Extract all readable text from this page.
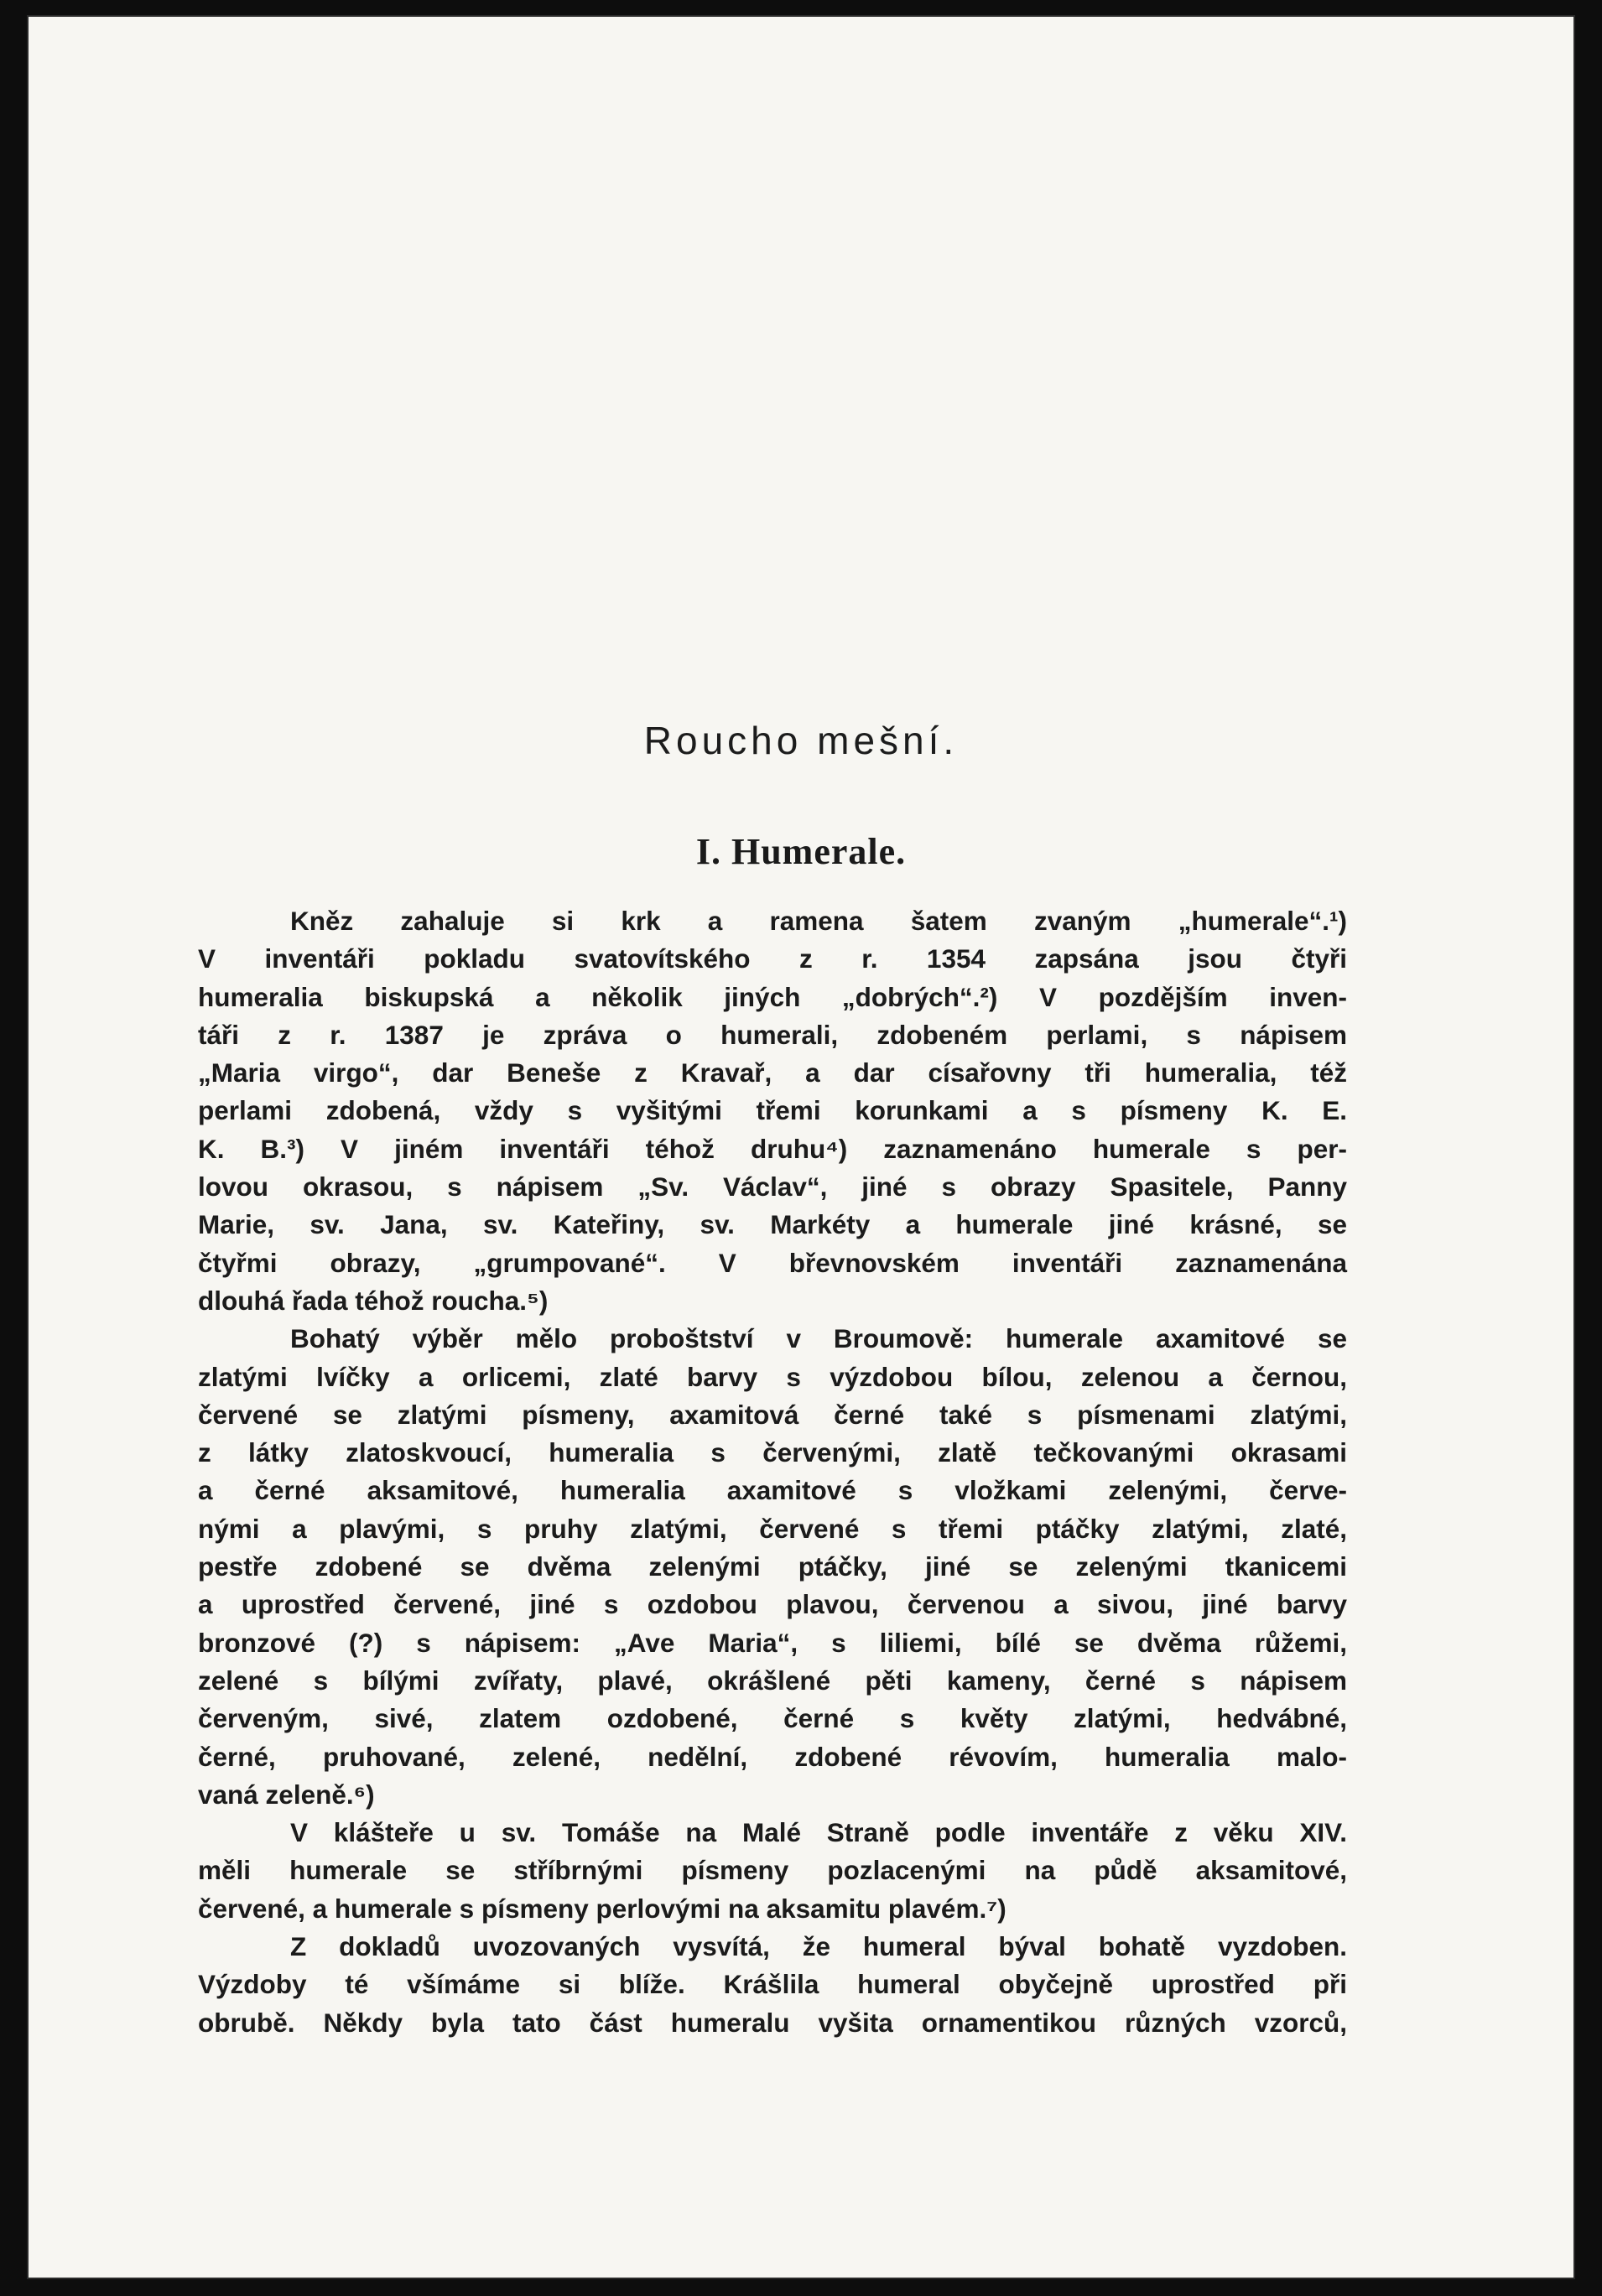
Roucho mešní.
I. Humerale.
Kněz zahaluje si krk a ramena šatem zvaným „humerale“.¹)
V inventáři pokladu svatovítského z r. 1354 zapsána jsou čtyři
humeralia biskupská a několik jiných „dobrých“.²) V pozdějším inven-
táři z r. 1387 je zpráva o humerali, zdobeném perlami, s nápisem
„Maria virgo“, dar Beneše z Kravař, a dar císařovny tři humeralia, též
perlami zdobená, vždy s vyšitými třemi korunkami a s písmeny K. E.
K. B.³) V jiném inventáři téhož druhu⁴) zaznamenáno humerale s per-
lovou okrasou, s nápisem „Sv. Václav“, jiné s obrazy Spasitele, Panny
Marie, sv. Jana, sv. Kateřiny, sv. Markéty a humerale jiné krásné, se
čtyřmi obrazy, „grumpované“. V břevnovském inventáři zaznamenána
dlouhá řada téhož roucha.⁵)
Bohatý výběr mělo proboštství v Broumově: humerale axamitové se
zlatými lvíčky a orlicemi, zlaté barvy s výzdobou bílou, zelenou a černou,
červené se zlatými písmeny, axamitová černé také s písmenami zlatými,
z látky zlatoskvoucí, humeralia s červenými, zlatě tečkovanými okrasami
a černé aksamitové, humeralia axamitové s vložkami zelenými, červe-
nými a plavými, s pruhy zlatými, červené s třemi ptáčky zlatými, zlaté,
pestře zdobené se dvěma zelenými ptáčky, jiné se zelenými tkanicemi
a uprostřed červené, jiné s ozdobou plavou, červenou a sivou, jiné barvy
bronzové (?) s nápisem: „Ave Maria“, s liliemi, bílé se dvěma růžemi,
zelené s bílými zvířaty, plavé, okrášlené pěti kameny, černé s nápisem
červeným, sivé, zlatem ozdobené, černé s květy zlatými, hedvábné,
černé, pruhované, zelené, nedělní, zdobené révovím, humeralia malo-
vaná zeleně.⁶)
V klášteře u sv. Tomáše na Malé Straně podle inventáře z věku XIV.
měli humerale se stříbrnými písmeny pozlacenými na půdě aksamitové,
červené, a humerale s písmeny perlovými na aksamitu plavém.⁷)
Z dokladů uvozovaných vysvítá, že humeral býval bohatě vyzdoben.
Výzdoby té všímáme si blíže. Krášlila humeral obyčejně uprostřed při
obrubě. Někdy byla tato část humeralu vyšita ornamentikou různých vzorců,
